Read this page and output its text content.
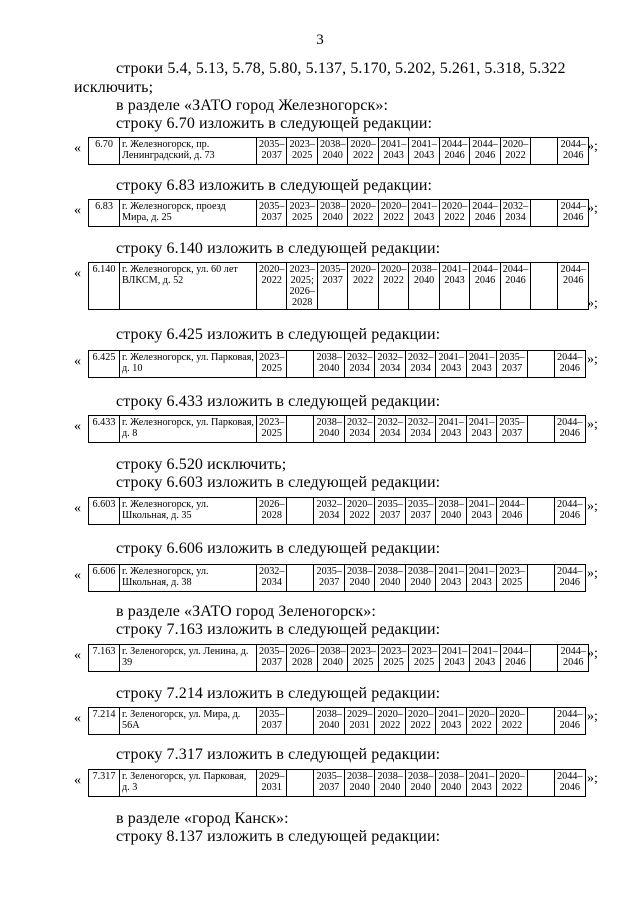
3
строки 5.4, 5.13, 5.78, 5.80, 5.137, 5.170, 5.202, 5.261, 5.318, 5.322
исключить;
в разделе «ЗАТО город Железногорск»:
строку 6.70 изложить в следующей редакции:
« 6.70	г. Железногорск, пр. Ленинградский, д. 73	2035–2037	2023–2025	2038–2040	2020–2022	2041–2043	2041–2043	2044–2046	2044–2046	2020–2022		2044–2046
»;
строку 6.83 изложить в следующей редакции:
« 6.83	г. Железногорск, проезд Мира, д. 25	2035–2037	2023–2025	2038–2040	2020–2022	2020–2022	2041–2043	2020–2022	2044–2046	2032–2034		2044–2046
»;
строку 6.140 изложить в следующей редакции:
« 6.140	г. Железногорск, ул. 60 лет ВЛКСМ, д. 52	2020–2022	2023–2025; 2026–2028	2035–2037	2020–2022	2020–2022	2038–2040	2041–2043	2044–2046	2044–2046		2044–2046
»;
строку 6.425 изложить в следующей редакции:
« 6.425	г. Железногорск, ул. Парковая, д. 10	2023–2025		2038–2040	2032–2034	2032–2034	2032–2034	2041–2043	2041–2043	2035–2037		2044–2046
»;
строку 6.433 изложить в следующей редакции:
« 6.433	г. Железногорск, ул. Парковая, д. 8	2023–2025		2038–2040	2032–2034	2032–2034	2032–2034	2041–2043	2041–2043	2035–2037		2044–2046
»;
строку 6.520 исключить;
строку 6.603 изложить в следующей редакции:
« 6.603	г. Железногорск, ул. Школьная, д. 35	2026–2028		2032–2034	2020–2022	2035–2037	2035–2037	2038–2040	2041–2043	2044–2046		2044–2046
»;
строку 6.606 изложить в следующей редакции:
« 6.606	г. Железногорск, ул. Школьная, д. 38	2032–2034		2035–2037	2038–2040	2038–2040	2038–2040	2041–2043	2041–2043	2023–2025		2044–2046
»;
в разделе «ЗАТО город Зеленогорск»:
строку 7.163 изложить в следующей редакции:
« 7.163	г. Зеленогорск, ул. Ленина, д. 39	2035–2037	2026–2028	2038–2040	2023–2025	2023–2025	2023–2025	2041–2043	2041–2043	2044–2046		2044–2046
»;
строку 7.214 изложить в следующей редакции:
« 7.214	г. Зеленогорск, ул. Мира, д. 56А	2035–2037		2038–2040	2029–2031	2020–2022	2020–2022	2041–2043	2020–2022	2020–2022		2044–2046
»;
строку 7.317 изложить в следующей редакции:
« 7.317	г. Зеленогорск, ул. Парковая, д. 3	2029–2031		2035–2037	2038–2040	2038–2040	2038–2040	2038–2040	2041–2043	2020–2022		2044–2046
»;
в разделе «город Канск»:
строку 8.137 изложить в следующей редакции:
